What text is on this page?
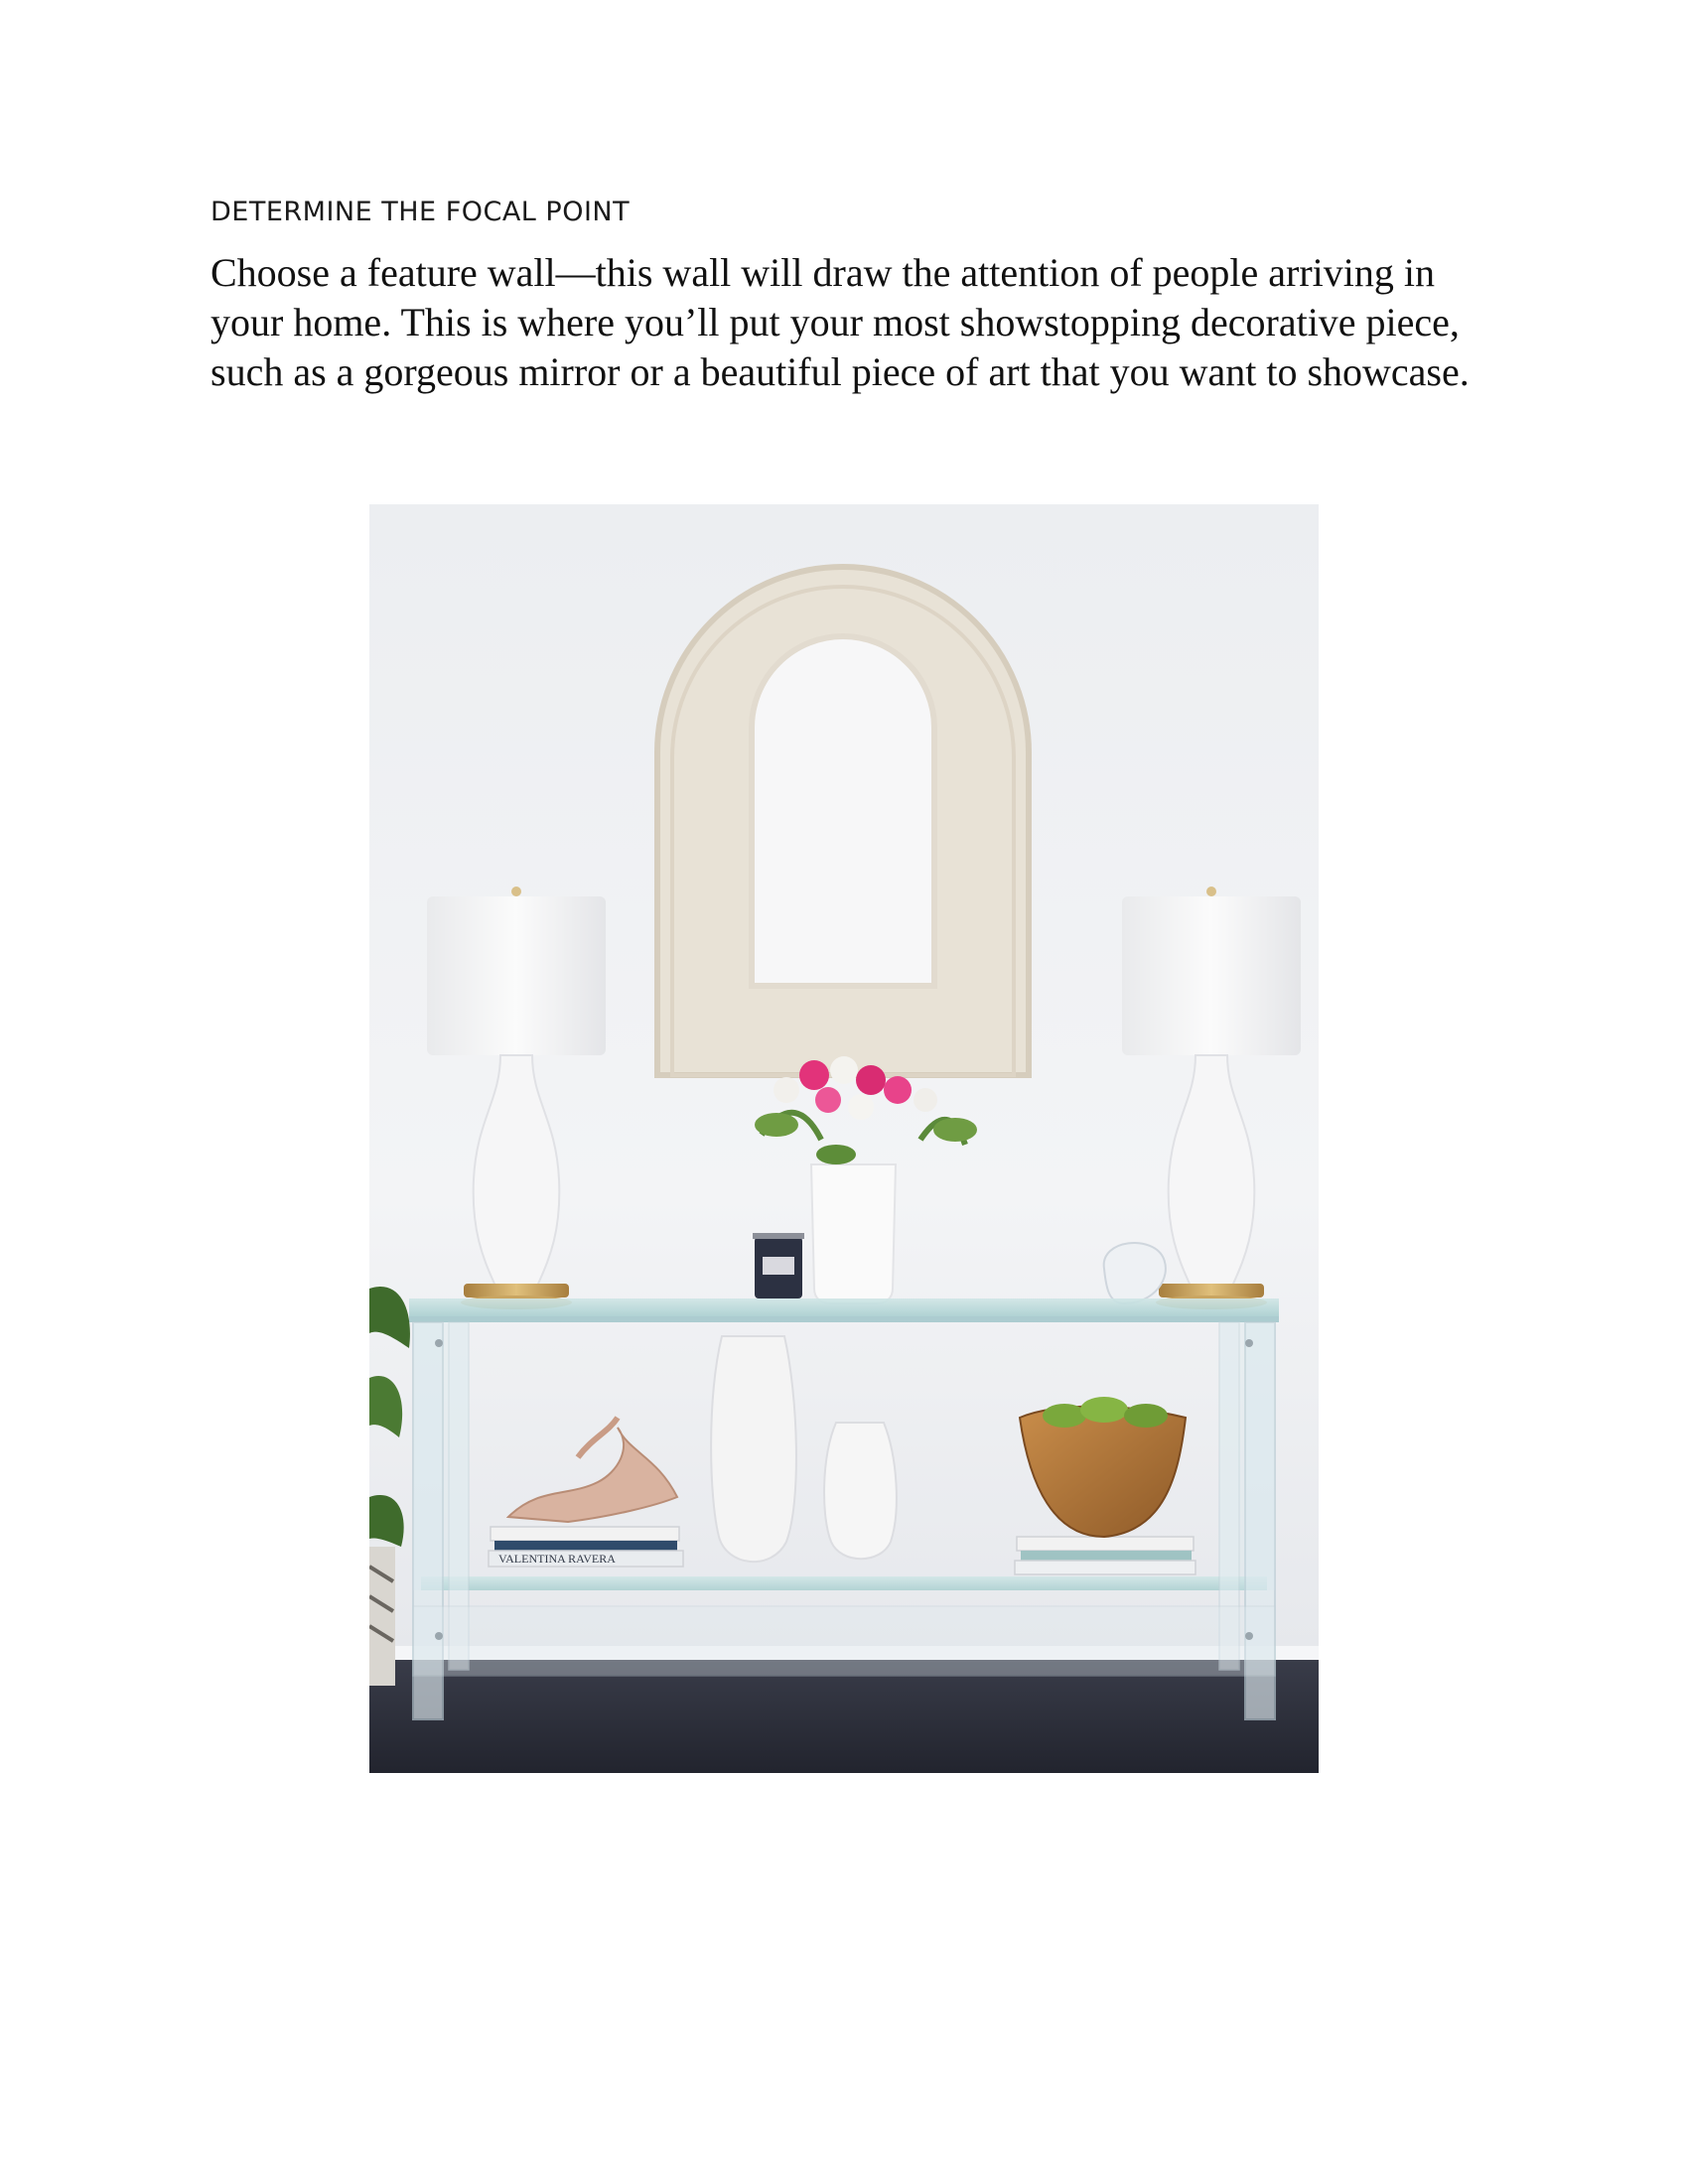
DETERMINE THE FOCAL POINT

Choose a feature wall—this wall will draw the attention of people arriving in your home. This is where you’ll put your most showstopping decorative piece, such as a gorgeous mirror or a beautiful piece of art that you want to showcase.

VALENTINA RAVERA
